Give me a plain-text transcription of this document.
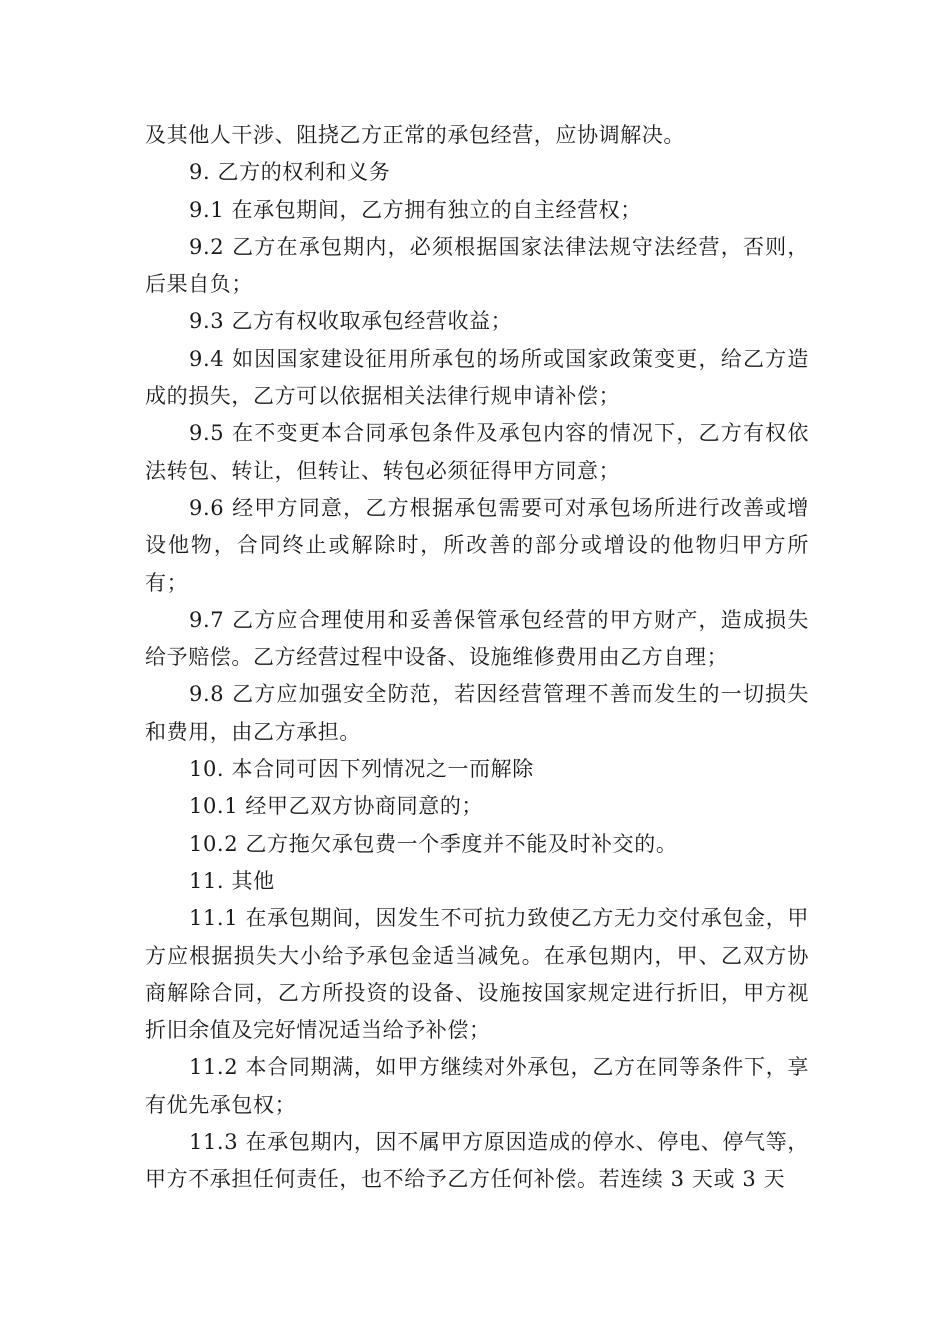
及其他人干涉、阻挠乙方正常的承包经营，应协调解决。

9. 乙方的权利和义务

9.1 在承包期间，乙方拥有独立的自主经营权；

9.2 乙方在承包期内，必须根据国家法律法规守法经营，否则，后果自负；

9.3 乙方有权收取承包经营收益；

9.4 如因国家建设征用所承包的场所或国家政策变更，给乙方造成的损失，乙方可以依据相关法律行规申请补偿；

9.5 在不变更本合同承包条件及承包内容的情况下，乙方有权依法转包、转让，但转让、转包必须征得甲方同意；

9.6 经甲方同意，乙方根据承包需要可对承包场所进行改善或增设他物，合同终止或解除时，所改善的部分或增设的他物归甲方所有；

9.7 乙方应合理使用和妥善保管承包经营的甲方财产，造成损失给予赔偿。乙方经营过程中设备、设施维修费用由乙方自理；

9.8 乙方应加强安全防范，若因经营管理不善而发生的一切损失和费用，由乙方承担。

10. 本合同可因下列情况之一而解除

10.1 经甲乙双方协商同意的；

10.2 乙方拖欠承包费一个季度并不能及时补交的。

11. 其他

11.1 在承包期间，因发生不可抗力致使乙方无力交付承包金，甲方应根据损失大小给予承包金适当减免。在承包期内，甲、乙双方协商解除合同，乙方所投资的设备、设施按国家规定进行折旧，甲方视折旧余值及完好情况适当给予补偿；

11.2 本合同期满，如甲方继续对外承包，乙方在同等条件下，享有优先承包权；

11.3 在承包期内，因不属甲方原因造成的停水、停电、停气等，甲方不承担任何责任，也不给予乙方任何补偿。若连续 3 天或 3 天
